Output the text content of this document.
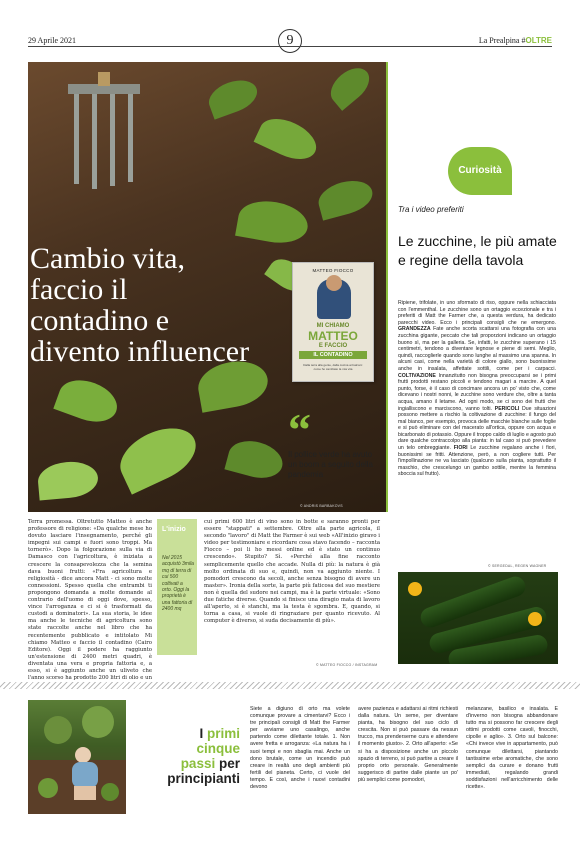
29 Aprile 2021	9	La Prealpina #OLTRE
Cambio vita, faccio il contadino e divento influencer
MATTEO FIOCCO
MI CHIAMO
MATTEO
E FACCIO
IL CONTADINO
Dalla terra alla gente, dalla cucina ai balconi: come ho cambiato la mia vita
“
Il pollice verde ha avuto un boom a seguito della pandemia
© ANDRIS BARBAKOVS
Terra promessa. Oltretutto Matteo è anche professore di religione: «Da qualche mese ho dovuto lasciare l'insegnamento, perché gli impegni sui campi e fuori sono troppi. Ma tornerò». Dopo la folgorazione sulla via di Damasco con l'agricoltura, è iniziata a crescere la consapevolezza che la semina dava buoni frutti: «Fra agricoltura e religiosità - dice ancora Matt - ci sono molte connessioni. Spesso quella che entrambi ti propongono domanda a molte domande al contrario dell'uomo di oggi dove, spesso, vince l'arroganza e ci si è trasformati da custodi a dominatori». La sua storia, le idee ma anche le tecniche di agricoltura sono state raccolte anche nel libro che ha recentemente pubblicato e intitolato Mi chiamo Matteo e faccio il contadino (Cairo Editore). Oggi il podere ha raggiunto un'estensione di 2400 metri quadri, è diventata una vera e propria fattoria e, a esso, si è aggiunto anche un uliveto che l'anno scorso ha prodotto 200 litri di olio e un
L'inizio
Nel 2015 acquistò 3mila mq di terra di cui 500 coltivati a orto. Oggi la proprietà è una fattoria di 2400 mq
cui primi 600 litri di vino sono in botte e saranno pronti per essere "stappati" a settembre. Oltre alla parte agricola, il secondo "lavoro" di Matt the Farmer è sui web «All'inizio giravo i video per testimoniare e ricordare cosa stavo facendo – racconta Fiocco – poi li ho messi online ed è stato un continuo crescendo». Stupito? Sì. «Perché alla fine racconto semplicemente quello che accade. Nulla di più: la natura è già molto ordinata di suo e, quindi, non va aggiunto niente. I pomodori crescono da secoli, anche senza bisogno di avere un master». Ironia della sorte, la parte più faticosa del suo mestiere non è quella del sudore nei campi, ma è la parte virtuale: «Sono due fatiche diverse. Quando si finisce una diragio mata di lavoro all'aperto, si è stanchi, ma la testa è sgombra. E, quando, si torna a casa, si vuole di ringraziare per quanto ricevuto. Al computer è diverso, si suda decisamente di più».
© MATTEO FIOCCO / INSTAGRAM
Curiosità
Tra i video preferiti
Le zucchine, le più amate e regine della tavola
Ripiene, trifolate, in uno sformato di riso, oppure nella schiacciata con l'emmenthal. Le zucchine sono un ortaggio eccezionale e tra i preferiti di Matt the Farmer che, a questa verdura, ha dedicato parecchi video. Ecco i principali consigli che ne emergono. GRANDEZZA Fate anche scorta scattarsi una fotografia con una zucchina gigante, peccato che tali proporzioni indicano un ortaggio buono sì, ma per la galleria. Se, infatti, le zucchine superano i 15 centimetri, tendono a diventare legnose e piene di semi. Meglio, quindi, raccoglierle quando sono lunghe al massimo una spanna. In alcuni casi, come nella varietà di colore giallo, sono buonissime anche in insalata, affettate sottili, come per i carpacci. COLTIVAZIONE Innanzitutto non bisogna preoccuparsi se i primi frutti prodotti restano piccoli e tendono magari a marcire. A quel punto, forse, è il caso di concimare ancora un po' visto che, come dicevano i nostri nonni, le zucchine sono verdure che, oltre a tanta acqua, amano il letame. Ad ogni modo, se ci sono dei frutti che ingialliscono e marciscono, vanno tolti. PERICOLI Due situazioni possono mettere a rischio la coltivazione di zucchine: il fungo del mal bianco, per esempio, provoca delle macchie bianche sulle foglie e si può eliminare con del macerato all'ortica, oppure con acqua e bicarbonato di potassio. Oppure il troppo caldo di luglio e agosto può dare qualche contraccolpo alla pianta: in tal caso si può prevedere un telo ombreggiante. FIORI Le zucchine regalano anche i fiori, buonissimi se fritti. Attenzione, però, a non cogliere tutti. Per l'impollinazione ne va lasciato (qualcuno sulla pianta, soprattutto il maschio, che crescelungo un gambo sottile, mentre la femmina sboccia sul frutto).
© SERGEDAL, REGEN WAGNER
I primi
cinque
passi per
principianti
Siete a digiuno di orto ma volete comunque provare a cimentarvi? Ecco i tre principali consigli di Matt the Farmer per avviarne uno casalingo, anche partendo come dilettante totale. 1. Non avere fretta e arroganza: «La natura ha i suoi tempi e non sbaglia mai. Anche un dono brutale, come un incendio può creare in realtà uno degli ambienti più fertili del pianeta. Certo, ci vuole del tempo. E così, anche i nuovi contadini devono
avere pazienza e adattarsi ai ritmi richiesti dalla natura. Un seme, per diventare pianta, ha bisogno del suo ciclo di crescita. Non si può passare da nessun trucco, ma prenderserne cura e attendere il momento giusto». 2. Orto all'aperto: «Se si ha a disposizione anche un piccolo spazio di terreno, si può partire a creare il proprio orto personale. Generalmente suggerisco di partire dalle piante un po' più semplici come pomodori,
melanzane, basilico e insalata. E d'inverno non bisogna abbandonare tutto ma si possono far crescere degli ottimi prodotti come cavoli, finocchi, cipolle e aglio». 3. Orto sul balcone: «Chi invece vive in appartamento, può comunque dilettarsi, piantando tantissime erbe aromatiche, che sono semplici da curare e donano frutti immediati, regalando grandi soddisfazioni nell'arricchimento delle ricette».
